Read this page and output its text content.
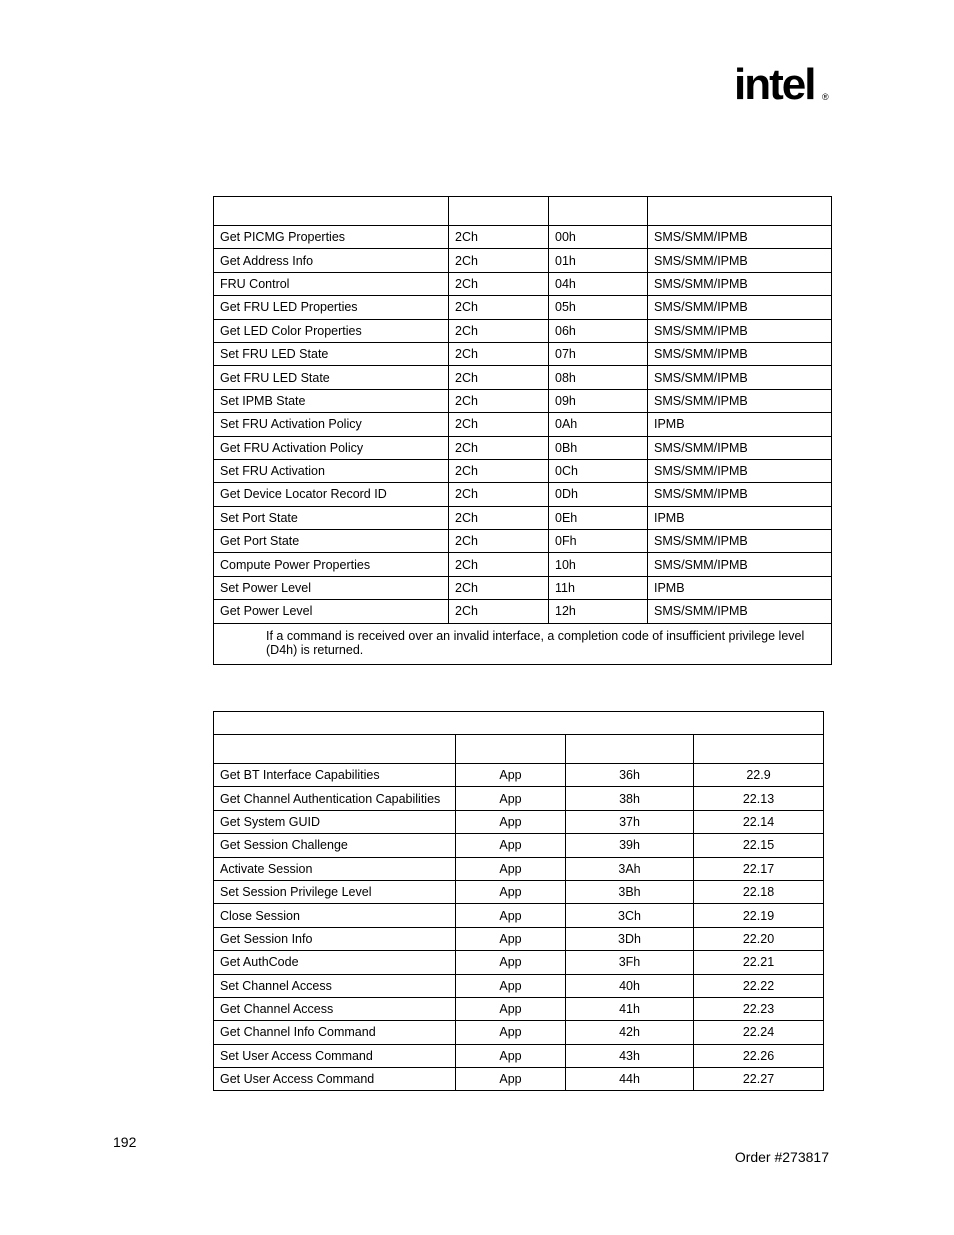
intel ®

Get PICMG Properties	2Ch	00h	SMS/SMM/IPMB
Get Address Info	2Ch	01h	SMS/SMM/IPMB
FRU Control	2Ch	04h	SMS/SMM/IPMB
Get FRU LED Properties	2Ch	05h	SMS/SMM/IPMB
Get LED Color Properties	2Ch	06h	SMS/SMM/IPMB
Set FRU LED State	2Ch	07h	SMS/SMM/IPMB
Get FRU LED State	2Ch	08h	SMS/SMM/IPMB
Set IPMB State	2Ch	09h	SMS/SMM/IPMB
Set FRU Activation Policy	2Ch	0Ah	IPMB
Get FRU Activation Policy	2Ch	0Bh	SMS/SMM/IPMB
Set FRU Activation	2Ch	0Ch	SMS/SMM/IPMB
Get Device Locator Record ID	2Ch	0Dh	SMS/SMM/IPMB
Set Port State	2Ch	0Eh	IPMB
Get Port State	2Ch	0Fh	SMS/SMM/IPMB
Compute Power Properties	2Ch	10h	SMS/SMM/IPMB
Set Power Level	2Ch	11h	IPMB
Get Power Level	2Ch	12h	SMS/SMM/IPMB
If a command is received over an invalid interface, a completion code of insufficient privilege level (D4h) is returned.			

Get BT Interface Capabilities	App	36h	22.9
Get Channel Authentication Capabilities	App	38h	22.13
Get System GUID	App	37h	22.14
Get Session Challenge	App	39h	22.15
Activate Session	App	3Ah	22.17
Set Session Privilege Level	App	3Bh	22.18
Close Session	App	3Ch	22.19
Get Session Info	App	3Dh	22.20
Get AuthCode	App	3Fh	22.21
Set Channel Access	App	40h	22.22
Get Channel Access	App	41h	22.23
Get Channel Info Command	App	42h	22.24
Set User Access Command	App	43h	22.26
Get User Access Command	App	44h	22.27
192
Order #273817
